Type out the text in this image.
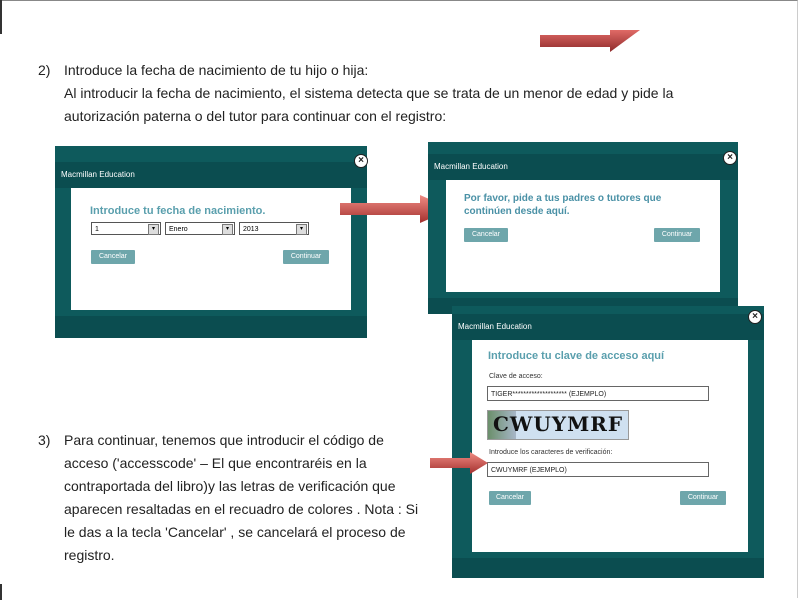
2) Introduce la fecha de nacimiento de tu hijo o hija:
Al introducir la fecha de nacimiento, el sistema detecta que se trata de un menor de edad y pide la
autorización paterna o del tutor para continuar con el registro:
Macmillan Education
Introduce tu fecha de nacimiento.
1	▾	Enero	▾	2013	▾
Cancelar	Continuar
×
Macmillan Education
Por favor, pide a tus padres o tutores que
continúen desde aquí.
Cancelar	Continuar
×
3) Para continuar, tenemos que introducir el código de
acceso ('accesscode' – El que encontraréis en la
contraportada del libro)y las letras de verificación que
aparecen resaltadas en el recuadro de colores . Nota : Si
le das a la tecla 'Cancelar' , se cancelará el proceso de
registro.
Macmillan Education
Introduce tu clave de acceso aquí
Clave de acceso:
TIGER******************** (EJEMPLO)
CWUYMRF
Introduce los caracteres de verificación:
CWUYMRF (EJEMPLO)
Cancelar	Continuar
×
